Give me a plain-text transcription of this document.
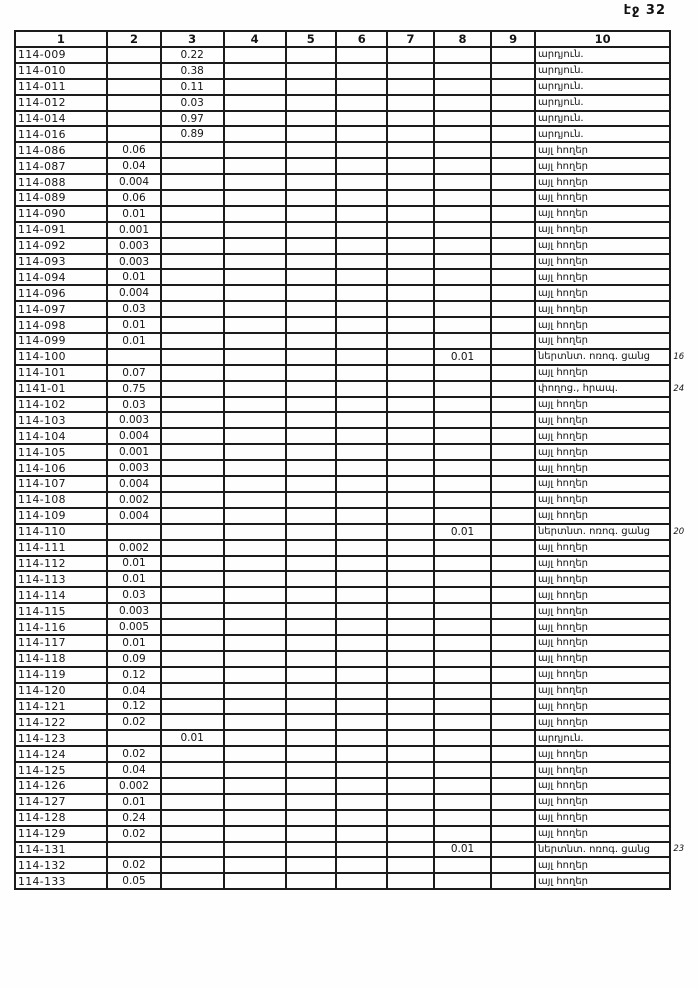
էջ 32
1	2	3	4	5	6	7	8	9	10	
114-009		0.22							արդյուն.	
114-010		0.38							արդյուն.	
114-011		0.11							արդյուն.	
114-012		0.03							արդյուն.	
114-014		0.97							արդյուն.	
114-016		0.89							արդյուն.	
114-086	0.06								այլ հողեր	
114-087	0.04								այլ հողեր	
114-088	0.004								այլ հողեր	
114-089	0.06								այլ հողեր	
114-090	0.01								այլ հողեր	
114-091	0.001								այլ հողեր	
114-092	0.003								այլ հողեր	
114-093	0.003								այլ հողեր	
114-094	0.01								այլ հողեր	
114-096	0.004								այլ հողեր	
114-097	0.03								այլ հողեր	
114-098	0.01								այլ հողեր	
114-099	0.01								այլ հողեր	
114-100							0.01		ներտնտ. ոռոգ. ցանց	16
114-101	0.07								այլ հողեր	
1141-01	0.75								փողոց., հրապ.	24
114-102	0.03								այլ հողեր	
114-103	0.003								այլ հողեր	
114-104	0.004								այլ հողեր	
114-105	0.001								այլ հողեր	
114-106	0.003								այլ հողեր	
114-107	0.004								այլ հողեր	
114-108	0.002								այլ հողեր	
114-109	0.004								այլ հողեր	
114-110							0.01		ներտնտ. ոռոգ. ցանց	20
114-111	0.002								այլ հողեր	
114-112	0.01								այլ հողեր	
114-113	0.01								այլ հողեր	
114-114	0.03								այլ հողեր	
114-115	0.003								այլ հողեր	
114-116	0.005								այլ հողեր	
114-117	0.01								այլ հողեր	
114-118	0.09								այլ հողեր	
114-119	0.12								այլ հողեր	
114-120	0.04								այլ հողեր	
114-121	0.12								այլ հողեր	
114-122	0.02								այլ հողեր	
114-123		0.01							արդյուն.	
114-124	0.02								այլ հողեր	
114-125	0.04								այլ հողեր	
114-126	0.002								այլ հողեր	
114-127	0.01								այլ հողեր	
114-128	0.24								այլ հողեր	
114-129	0.02								այլ հողեր	
114-131							0.01		ներտնտ. ոռոգ. ցանց	23
114-132	0.02								այլ հողեր	
114-133	0.05								այլ հողեր	
